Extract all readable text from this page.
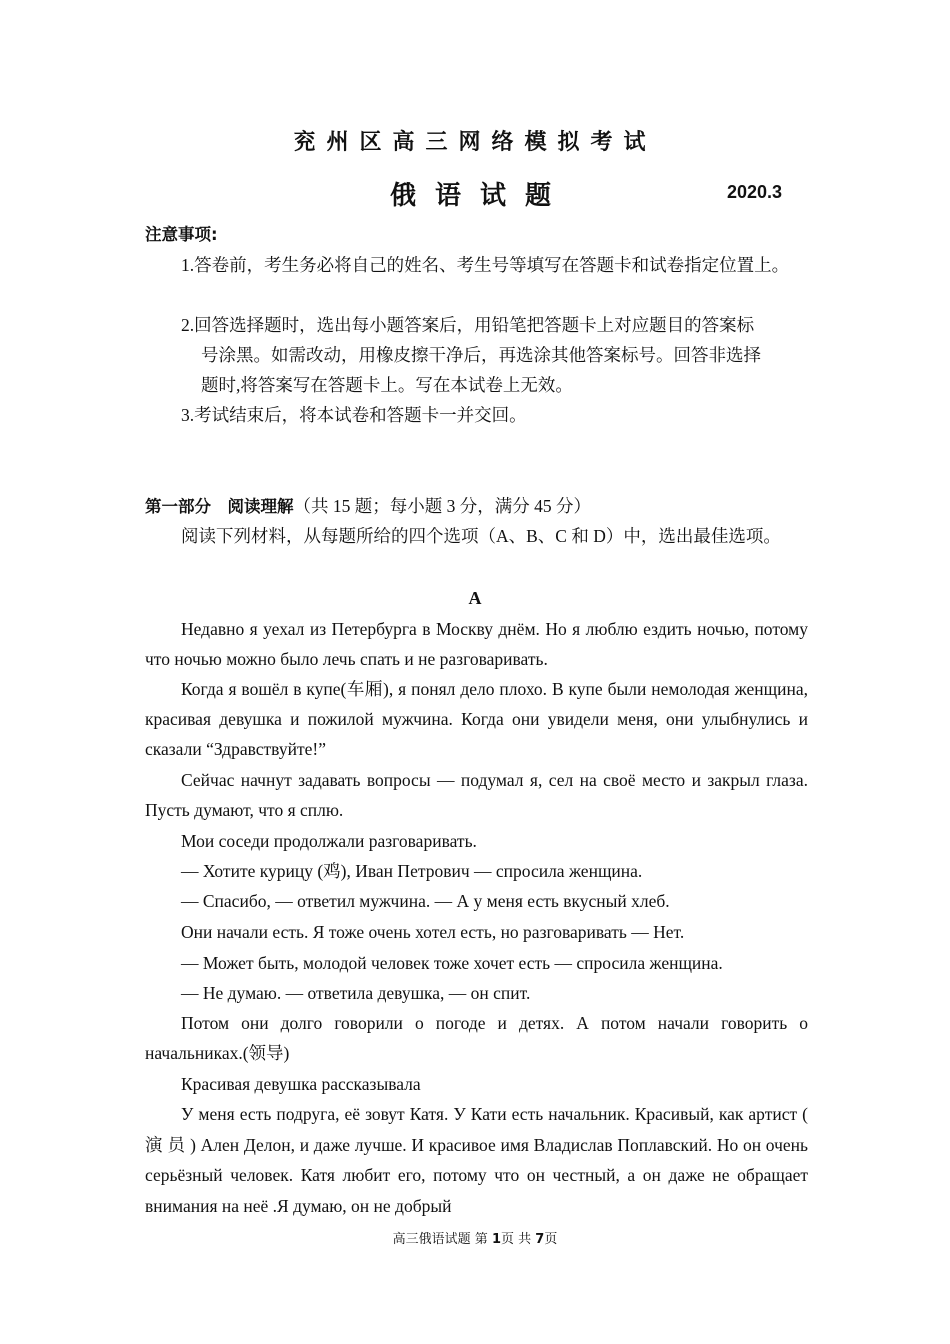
兖州区高三网络模拟考试
俄语试题	2020.3
注意事项:

1.答卷前，考生务必将自己的姓名、考生号等填写在答题卡和试卷指定位置上。

2.回答选择题时，选出每小题答案后，用铅笔把答题卡上对应题目的答案标
号涂黑。如需改动，用橡皮擦干净后，再选涂其他答案标号。回答非选择
题时,将答案写在答题卡上。写在本试卷上无效。
3.考试结束后，将本试卷和答题卡一并交回。
第一部分　阅读理解（共 15 题；每小题 3 分，满分 45 分）

阅读下列材料，从每题所给的四个选项（A、B、C 和 D）中，选出最佳选项。

A

Недавно я уехал из Петербурга в Москву днём. Но я люблю ездить ночью, потому что ночью можно было лечь спать и не разговаривать.

Когда я вошёл в купе(车厢), я понял дело плохо. В купе были немолодая женщина, красивая девушка и пожилой мужчина. Когда они увидели меня, они улыбнулись и сказали “Здравствуйте!”

Сейчас начнут задавать вопросы — подумал я, сел на своё место и закрыл глаза. Пусть думают, что я сплю.

Мои соседи продолжали разговаривать.

— Хотите курицу (鸡), Иван Петрович — спросила женщина.

— Спасибо, — ответил мужчина. — А у меня есть вкусный хлеб.

Они начали есть. Я тоже очень хотел есть, но разговаривать — Нет.

— Может быть, молодой человек тоже хочет есть — спросила женщина.

— Не думаю. — ответила девушка, — он спит.

Потом они долго говорили о погоде и детях. А потом начали говорить о начальниках.(领导)

Красивая девушка рассказывала

У меня есть подруга, её зовут Катя. У Кати есть начальник. Красивый, как артист ( 演 员 ) Ален Делон, и даже лучше. И красивое имя Владислав Поплавский. Но он очень серьёзный человек. Катя любит его, потому что он честный, а он даже не обращает внимания на неё .Я думаю, он не добрый

高三俄语试题 第 1页 共 7页
